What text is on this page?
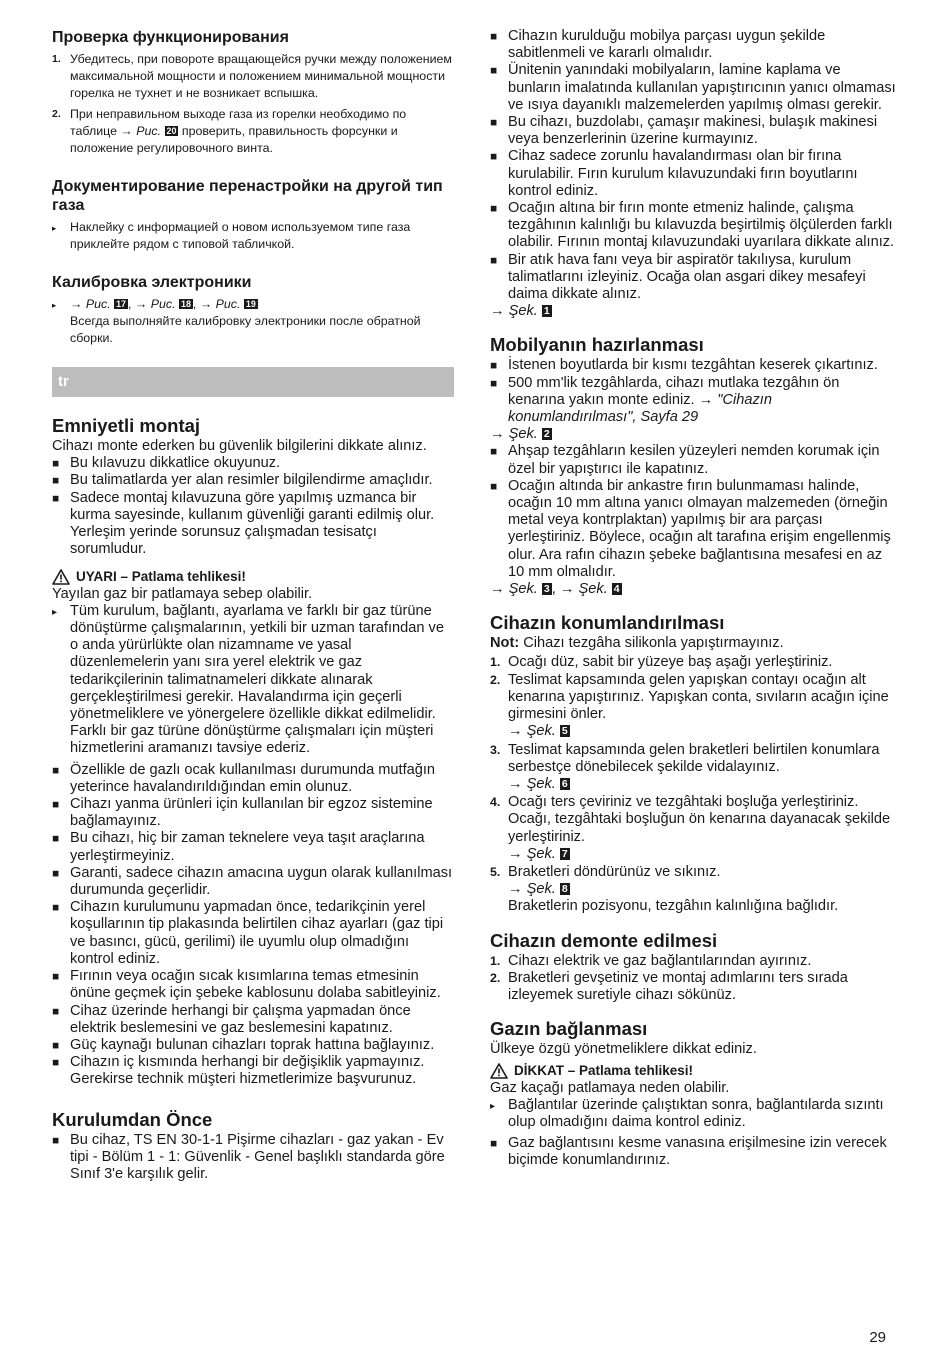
Проверка функционирования
1. Убедитесь, при повороте вращающейся ручки между положением максимальной мощности и положением минимальной мощности горелка не тухнет и не возникает вспышка.
2. При неправильном выходе газа из горелки необходимо по таблице → Рис. 20 проверить, правильность форсунки и положение регулировочного винта.
Документирование перенастройки на другой тип газа
▸ Наклейку с информацией о новом используемом типе газа приклейте рядом с типовой табличкой.
Калибровка электроники
▸ → Рис. 17 , → Рис. 18 , → Рис. 19
Всегда выполняйте калибровку электроники после обратной сборки.
tr
Emniyetli montaj

Cihazı monte ederken bu güvenlik bilgilerini dikkate alınız.

■ Bu kılavuzu dikkatlice okuyunuz.
■ Bu talimatlarda yer alan resimler bilgilendirme amaçlıdır.
■ Sadece montaj kılavuzuna göre yapılmış uzmanca bir kurma sayesinde, kullanım güvenliği garanti edilmiş olur. Yerleşim yerinde sorunsuz çalışmadan tesisatçı sorumludur.
UYARI – Patlama tehlikesi!

Yayılan gaz bir patlamaya sebep olabilir.

▸ Tüm kurulum, bağlantı, ayarlama ve farklı bir gaz türüne dönüştürme çalışmalarının, yetkili bir uzman tarafından ve o anda yürürlükte olan nizamname ve yasal düzenlemelerin yanı sıra yerel elektrik ve gaz tedarikçilerinin talimatnameleri dikkate alınarak gerçekleştirilmesi gerekir. Havalandırma için geçerli yönetmeliklere ve yönergelere özellikle dikkat edilmelidir. Farklı bir gaz türüne dönüştürme çalışmaları için müşteri hizmetlerini aramanızı tavsiye ederiz.
■ Özellikle de gazlı ocak kullanılması durumunda mutfağın yeterince havalandırıldığından emin olunuz.
■ Cihazı yanma ürünleri için kullanılan bir egzoz sistemine bağlamayınız.
■ Bu cihazı, hiç bir zaman teknelere veya taşıt araçlarına yerleştirmeyiniz.
■ Garanti, sadece cihazın amacına uygun olarak kullanılması durumunda geçerlidir.
■ Cihazın kurulumunu yapmadan önce, tedarikçinin yerel koşullarının tip plakasında belirtilen cihaz ayarları (gaz tipi ve basıncı, gücü, gerilimi) ile uyumlu olup olmadığını kontrol ediniz.
■ Fırının veya ocağın sıcak kısımlarına temas etmesinin önüne geçmek için şebeke kablosunu dolaba sabitleyiniz.
■ Cihaz üzerinde herhangi bir çalışma yapmadan önce elektrik beslemesini ve gaz beslemesini kapatınız.
■ Güç kaynağı bulunan cihazları toprak hattına bağlayınız.
■ Cihazın iç kısmında herhangi bir değişiklik yapmayınız. Gerekirse technik müşteri hizmetlerimize başvurunuz.
Kurulumdan Önce
■ Bu cihaz, TS EN 30-1-1 Pişirme cihazları - gaz yakan - Ev tipi - Bölüm 1 - 1: Güvenlik - Genel başlıklı standarda göre Sınıf 3'e karşılık gelir.
■ Cihazın kurulduğu mobilya parçası uygun şekilde sabitlenmeli ve kararlı olmalıdır.
■ Ünitenin yanındaki mobilyaların, lamine kaplama ve bunların imalatında kullanılan yapıştırıcının yanıcı olmaması ve ısıya dayanıklı malzemelerden yapılmış olması gerekir.
■ Bu cihazı, buzdolabı, çamaşır makinesi, bulaşık makinesi veya benzerlerinin üzerine kurmayınız.
■ Cihaz sadece zorunlu havalandırması olan bir fırına kurulabilir. Fırın kurulum kılavuzundaki fırın boyutlarını kontrol ediniz.
■ Ocağın altına bir fırın monte etmeniz halinde, çalışma tezgâhının kalınlığı bu kılavuzda beşirtilmiş ölçülerden farklı olabilir. Fırının montaj kılavuzundaki uyarılara dikkate alınız.
■ Bir atık hava fanı veya bir aspiratör takılıysa, kurulum talimatlarını izleyiniz. Ocağa olan asgari dikey mesafeyi daima dikkate alınız.

→ Şek. 1

Mobilyanın hazırlanması
■ İstenen boyutlarda bir kısmı tezgâhtan keserek çıkartınız.
■ 500 mm'lik tezgâhlarda, cihazı mutlaka tezgâhın ön kenarına yakın monte ediniz. → "Cihazın konumlandırılması", Sayfa 29

→ Şek. 2

■ Ahşap tezgâhların kesilen yüzeyleri nemden korumak için özel bir yapıştırıcı ile kapatınız.
■ Ocağın altında bir ankastre fırın bulunmaması halinde, ocağın 10 mm altına yanıcı olmayan malzemeden (örneğin metal veya kontrplaktan) yapılmış bir ara parçası yerleştiriniz. Böylece, ocağın alt tarafına erişim engellenmiş olur. Ara rafın cihazın şebeke bağlantısına mesafesi en az 10 mm olmalıdır.

→ Şek. 3 , → Şek. 4

Cihazın konumlandırılması

Not: Cihazı tezgâha silikonla yapıştırmayınız.

1. Ocağı düz, sabit bir yüzeye baş aşağı yerleştiriniz.
2. Teslimat kapsamında gelen yapışkan contayı ocağın alt kenarına yapıştırınız. Yapışkan conta, sıvıların acağın içine girmesini önler.
→ Şek. 5
3. Teslimat kapsamında gelen braketleri belirtilen konumlara serbestçe dönebilecek şekilde vidalayınız.
→ Şek. 6
4. Ocağı ters çeviriniz ve tezgâhtaki boşluğa yerleştiriniz. Ocağı, tezgâhtaki boşluğun ön kenarına dayanacak şekilde yerleştiriniz.
→ Şek. 7
5. Braketleri döndürünüz ve sıkınız.
→ Şek. 8
Braketlerin pozisyonu, tezgâhın kalınlığına bağlıdır.
Cihazın demonte edilmesi
1. Cihazı elektrik ve gaz bağlantılarından ayırınız.
2. Braketleri gevşetiniz ve montaj adımlarını ters sırada izleyemek suretiyle cihazı sökünüz.
Gazın bağlanması

Ülkeye özgü yönetmeliklere dikkat ediniz.

DİKKAT – Patlama tehlikesi!

Gaz kaçağı patlamaya neden olabilir.

▸ Bağlantılar üzerinde çalıştıktan sonra, bağlantılarda sızıntı olup olmadığını daima kontrol ediniz.
■ Gaz bağlantısını kesme vanasına erişilmesine izin verecek biçimde konumlandırınız.
29
